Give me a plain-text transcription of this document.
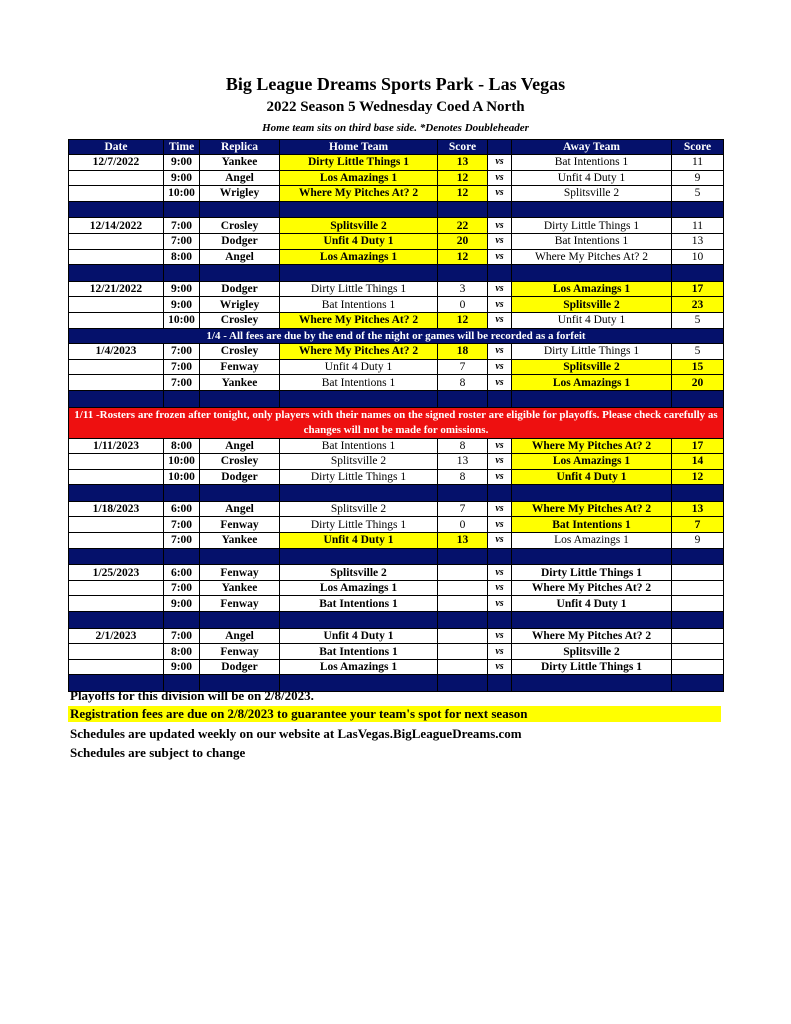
Big League Dreams Sports Park - Las Vegas
2022 Season 5 Wednesday Coed A North
Home team sits on third base side. *Denotes Doubleheader
Date	Time	Replica	Home Team	Score		Away Team	Score
12/7/2022	9:00	Yankee	Dirty Little Things 1	13	vs	Bat Intentions 1	11
	9:00	Angel	Los Amazings 1	12	vs	Unfit 4 Duty 1	9
	10:00	Wrigley	Where My Pitches At? 2	12	vs	Splitsville 2	5

12/14/2022	7:00	Crosley	Splitsville 2	22	vs	Dirty Little Things 1	11
	7:00	Dodger	Unfit 4 Duty 1	20	vs	Bat Intentions 1	13
	8:00	Angel	Los Amazings 1	12	vs	Where My Pitches At? 2	10

12/21/2022	9:00	Dodger	Dirty Little Things 1	3	vs	Los Amazings 1	17
	9:00	Wrigley	Bat Intentions 1	0	vs	Splitsville 2	23
	10:00	Crosley	Where My Pitches At? 2	12	vs	Unfit 4 Duty 1	5
1/4 - All fees are due by the end of the night or games will be recorded as a forfeit							
1/4/2023	7:00	Crosley	Where My Pitches At? 2	18	vs	Dirty Little Things 1	5
	7:00	Fenway	Unfit 4 Duty 1	7	vs	Splitsville 2	15
	7:00	Yankee	Bat Intentions 1	8	vs	Los Amazings 1	20

1/11 -Rosters are frozen after tonight, only players with their names on the signed roster are eligible for playoffs. Please check carefully as changes will not be made for omissions.							
1/11/2023	8:00	Angel	Bat Intentions 1	8	vs	Where My Pitches At? 2	17
	10:00	Crosley	Splitsville 2	13	vs	Los Amazings 1	14
	10:00	Dodger	Dirty Little Things 1	8	vs	Unfit 4 Duty 1	12

1/18/2023	6:00	Angel	Splitsville 2	7	vs	Where My Pitches At? 2	13
	7:00	Fenway	Dirty Little Things 1	0	vs	Bat Intentions 1	7
	7:00	Yankee	Unfit 4 Duty 1	13	vs	Los Amazings 1	9

1/25/2023	6:00	Fenway	Splitsville 2		vs	Dirty Little Things 1	
	7:00	Yankee	Los Amazings 1		vs	Where My Pitches At? 2	
	9:00	Fenway	Bat Intentions 1		vs	Unfit 4 Duty 1	

2/1/2023	7:00	Angel	Unfit 4 Duty 1		vs	Where My Pitches At? 2	
	8:00	Fenway	Bat Intentions 1		vs	Splitsville 2	
	9:00	Dodger	Los Amazings 1		vs	Dirty Little Things 1	

Playoffs for this division will be on 2/8/2023.
Registration fees are due on 2/8/2023 to guarantee your team's spot for next season
Schedules are updated weekly on our website at LasVegas.BigLeagueDreams.com
Schedules are subject to change
